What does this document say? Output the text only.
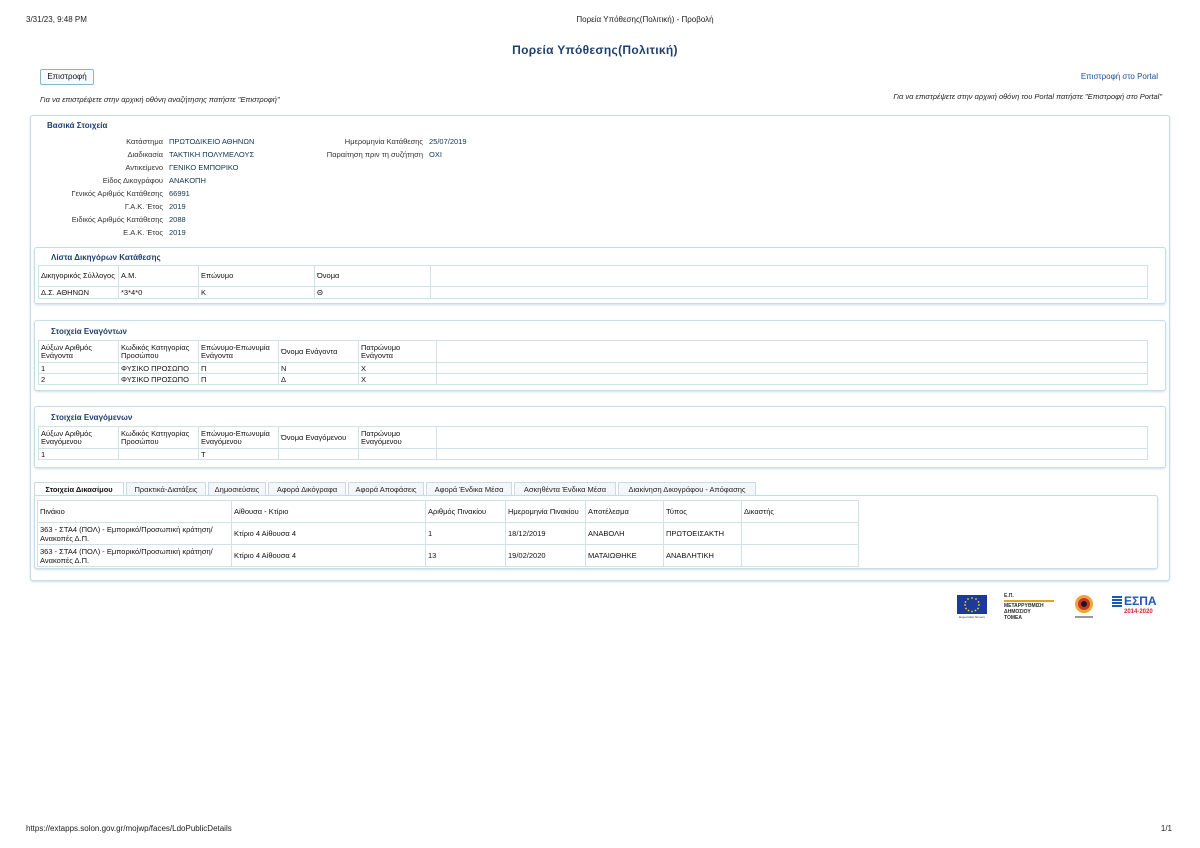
3/31/23, 9:48 PM	Πορεία Υπόθεσης(Πολιτική) - Προβολή
Πορεία Υπόθεσης(Πολιτική)
Επιστροφή
Για να επιστρέψετε στην αρχική οθόνη αναζήτησης πατήστε "Επιστροφή"
Επιστροφή στο Portal
Για να επιστρέψετε στην αρχική οθόνη του Portal πατήστε "Επιστροφή στο Portal"
Βασικά Στοιχεία
Κατάστημα ΠΡΩΤΟΔΙΚΕΙΟ ΑΘΗΝΩΝ
Διαδικασία ΤΑΚΤΙΚΗ ΠΟΛΥΜΕΛΟΥΣ
Αντικείμενο ΓΕΝΙΚΟ ΕΜΠΟΡΙΚΟ
Είδος Δικογράφου ΑΝΑΚΟΠΗ
Γενικός Αριθμός Κατάθεσης 66991
Γ.Α.Κ. Έτος 2019
Ειδικός Αριθμός Κατάθεσης 2088
Ε.Α.Κ. Έτος 2019
Ημερομηνία Κατάθεσης 25/07/2019
Παραίτηση πριν τη συζήτηση ΟΧΙ
Λίστα Δικηγόρων Κατάθεσης
Δικηγορικός Σύλλογος	Α.Μ.	Επώνυμο	Όνομα	
Δ.Σ. ΑΘΗΝΩΝ	*3*4*0	Κ	Θ	
Στοιχεία Εναγόντων
Αύξων Αριθμός Ενάγοντα	Κωδικός Κατηγορίας Προσώπου	Επώνυμο-Επωνυμία Ενάγοντα	Όνομα Ενάγοντα	Πατρώνυμο Ενάγοντα	
1	ΦΥΣΙΚΟ ΠΡΟΣΩΠΟ	Π	Ν	Χ	
2	ΦΥΣΙΚΟ ΠΡΟΣΩΠΟ	Π	Δ	Χ	
Στοιχεία Εναγόμενων
Αύξων Αριθμός Εναγόμενου	Κωδικός Κατηγορίας Προσώπου	Επώνυμο-Επωνυμία Εναγόμενου	Όνομα Εναγόμενου	Πατρώνυμο Εναγόμενου	
1		Τ			
Στοιχεία Δικασίμου	Πρακτικά-Διατάξεις	Δημοσιεύσεις	Αφορά Δικόγραφα	Αφορά Αποφάσεις	Αφορά Ένδικα Μέσα	Ασκηθέντα Ένδικα Μέσα	Διακίνηση Δικογράφου - Απόφασης
Πινάκιο	Αίθουσα - Κτίριο	Αριθμός Πινακίου	Ημερομηνία Πινακίου	Αποτέλεσμα	Τύπος	Δικαστής
363 - ΣΤΑ4 (ΠΟΛ) - Εμπορικό/Προσωπική κράτηση/Ανακοπές Δ.Π.	Κτίριο 4 Αίθουσα 4	1	18/12/2019	ΑΝΑΒΟΛΗ	ΠΡΩΤΟΕΙΣΑΚΤΗ	
363 - ΣΤΑ4 (ΠΟΛ) - Εμπορικό/Προσωπική κράτηση/Ανακοπές Δ.Π.	Κτίριο 4 Αίθουσα 4	13	19/02/2020	ΜΑΤΑΙΩΘΗΚΕ	ΑΝΑΒΛΗΤΙΚΗ	
Ευρωπαϊκή Ένωση
Ε.Π.
ΜΕΤΑΡΡΥΘΜΙΣΗ
ΔΗΜΟΣΙΟΥ
ΤΟΜΕΑ
ΕΣΠΑ
2014-2020
https://extapps.solon.gov.gr/mojwp/faces/LdoPublicDetails	1/1
